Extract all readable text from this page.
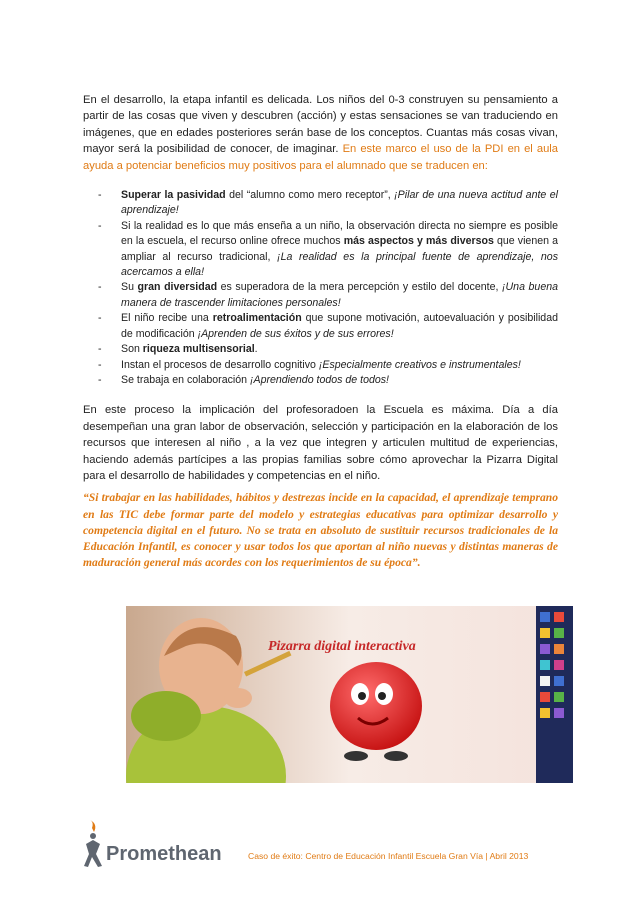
En el desarrollo, la etapa infantil es delicada. Los niños del 0-3 construyen su pensamiento a partir de las cosas que viven y descubren (acción) y estas sensaciones se van traduciendo en imágenes, que en edades posteriores serán base de los conceptos. Cuantas más cosas vivan, mayor será la posibilidad de conocer, de imaginar. En este marco el uso de la PDI en el aula ayuda a potenciar beneficios muy positivos para el alumnado que se traducen en:

- Superar la pasividad del “alumno como mero receptor”, ¡Pilar de una nueva actitud ante el aprendizaje!
- Si la realidad es lo que más enseña a un niño, la observación directa no siempre es posible en la escuela, el recurso online ofrece muchos más aspectos y más diversos que vienen a ampliar al recurso tradicional, ¡La realidad es la principal fuente de aprendizaje, nos acercamos a ella!
- Su gran diversidad es superadora de la mera percepción y estilo del docente, ¡Una buena manera de trascender limitaciones personales!
- El niño recibe una retroalimentación que supone motivación, autoevaluación y posibilidad de modificación ¡Aprenden de sus éxitos y de sus errores!
- Son riqueza multisensorial.
- Instan el procesos de desarrollo cognitivo ¡Especialmente creativos e instrumentales!
- Se trabaja en colaboración ¡Aprendiendo todos de todos!

En este proceso la implicación del profesoradoen la Escuela es máxima. Día a día desempeñan una gran labor de observación, selección y participación en la elaboración de los recursos que interesen al niño , a la vez que integren y articulen multitud de experiencias, haciendo además partícipes a las propias familias sobre cómo aprovechar la Pizarra Digital para el desarrollo de habilidades y competencias en el niño.

“Si trabajar en las habilidades, hábitos y destrezas incide en la capacidad, el aprendizaje temprano en las TIC debe formar parte del modelo y estrategias educativas para optimizar desarrollo y competencia digital en el futuro. No se trata en absoluto de sustituir recursos tradicionales de la Educación Infantil, es conocer y usar todos los que aportan al niño nuevas y distintas maneras de maduración general más acordes con los requerimientos de su época”.

Pizarra digital interactiva
Promethean	Caso de éxito: Centro de Educación Infantil Escuela Gran Vía | Abril 2013
